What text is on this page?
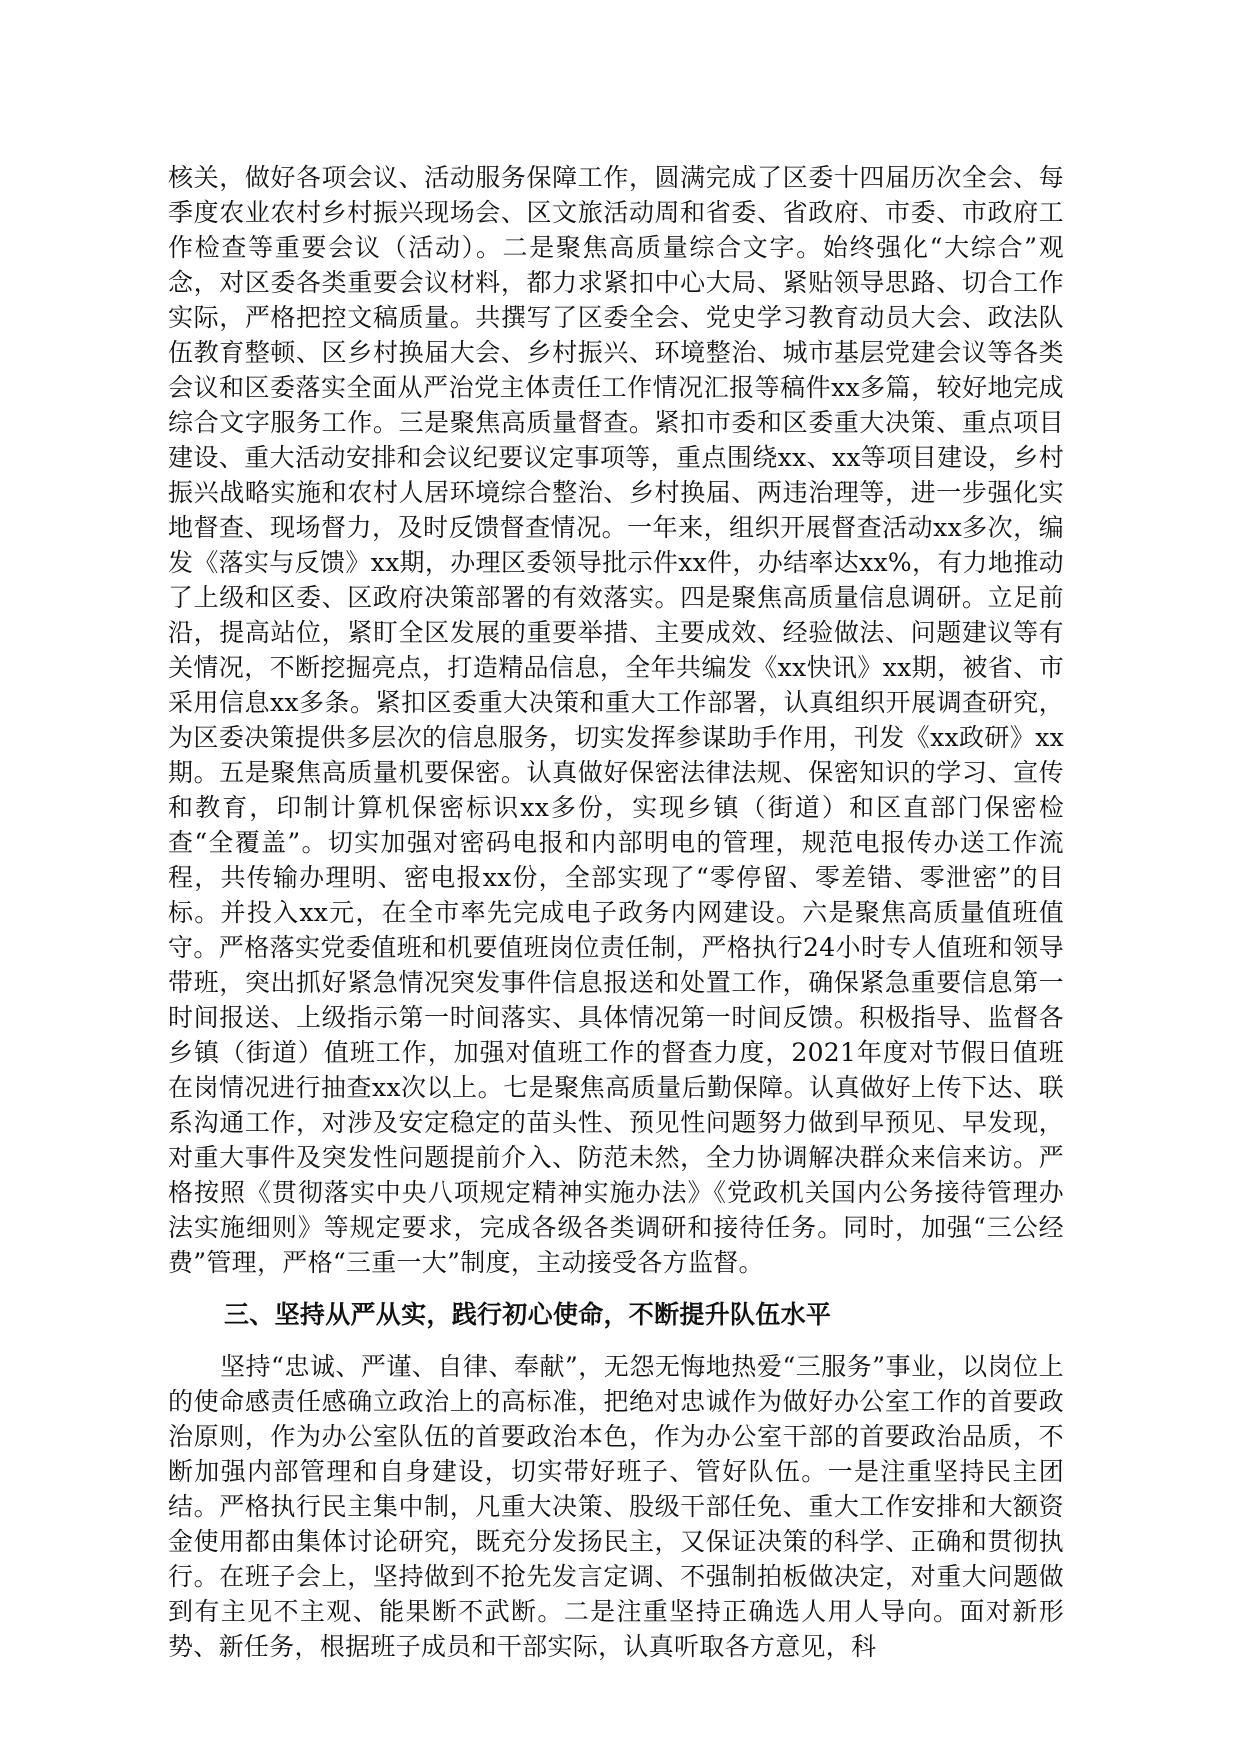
核关，做好各项会议、活动服务保障工作，圆满完成了区委十四届历次全会、每季度农业农村乡村振兴现场会、区文旅活动周和省委、省政府、市委、市政府工作检查等重要会议（活动）。二是聚焦高质量综合文字。始终强化“大综合”观念，对区委各类重要会议材料，都力求紧扣中心大局、紧贴领导思路、切合工作实际，严格把控文稿质量。共撰写了区委全会、党史学习教育动员大会、政法队伍教育整顿、区乡村换届大会、乡村振兴、环境整治、城市基层党建会议等各类会议和区委落实全面从严治党主体责任工作情况汇报等稿件xx多篇，较好地完成综合文字服务工作。三是聚焦高质量督查。紧扣市委和区委重大决策、重点项目建设、重大活动安排和会议纪要议定事项等，重点围绕xx、xx等项目建设，乡村振兴战略实施和农村人居环境综合整治、乡村换届、两违治理等，进一步强化实地督查、现场督力，及时反馈督查情况。一年来，组织开展督查活动xx多次，编发《落实与反馈》xx期，办理区委领导批示件xx件，办结率达xx%，有力地推动了上级和区委、区政府决策部署的有效落实。四是聚焦高质量信息调研。立足前沿，提高站位，紧盯全区发展的重要举措、主要成效、经验做法、问题建议等有关情况，不断挖掘亮点，打造精品信息，全年共编发《xx快讯》xx期，被省、市采用信息xx多条。紧扣区委重大决策和重大工作部署，认真组织开展调查研究，为区委决策提供多层次的信息服务，切实发挥参谋助手作用，刊发《xx政研》xx期。五是聚焦高质量机要保密。认真做好保密法律法规、保密知识的学习、宣传和教育，印制计算机保密标识xx多份，实现乡镇（街道）和区直部门保密检查“全覆盖”。切实加强对密码电报和内部明电的管理，规范电报传办送工作流程，共传输办理明、密电报xx份，全部实现了“零停留、零差错、零泄密”的目标。并投入xx元，在全市率先完成电子政务内网建设。六是聚焦高质量值班值守。严格落实党委值班和机要值班岗位责任制，严格执行24小时专人值班和领导带班，突出抓好紧急情况突发事件信息报送和处置工作，确保紧急重要信息第一时间报送、上级指示第一时间落实、具体情况第一时间反馈。积极指导、监督各乡镇（街道）值班工作，加强对值班工作的督查力度，2021年度对节假日值班在岗情况进行抽查xx次以上。七是聚焦高质量后勤保障。认真做好上传下达、联系沟通工作，对涉及安定稳定的苗头性、预见性问题努力做到早预见、早发现，对重大事件及突发性问题提前介入、防范未然，全力协调解决群众来信来访。严格按照《贯彻落实中央八项规定精神实施办法》《党政机关国内公务接待管理办法实施细则》等规定要求，完成各级各类调研和接待任务。同时，加强“三公经费”管理，严格“三重一大”制度，主动接受各方监督。

三、坚持从严从实，践行初心使命，不断提升队伍水平

坚持“忠诚、严谨、自律、奉献”，无怨无悔地热爱“三服务”事业，以岗位上的使命感责任感确立政治上的高标准，把绝对忠诚作为做好办公室工作的首要政治原则，作为办公室队伍的首要政治本色，作为办公室干部的首要政治品质，不断加强内部管理和自身建设，切实带好班子、管好队伍。一是注重坚持民主团结。严格执行民主集中制，凡重大决策、股级干部任免、重大工作安排和大额资金使用都由集体讨论研究，既充分发扬民主，又保证决策的科学、正确和贯彻执行。在班子会上，坚持做到不抢先发言定调、不强制拍板做决定，对重大问题做到有主见不主观、能果断不武断。二是注重坚持正确选人用人导向。面对新形势、新任务，根据班子成员和干部实际，认真听取各方意见，科
